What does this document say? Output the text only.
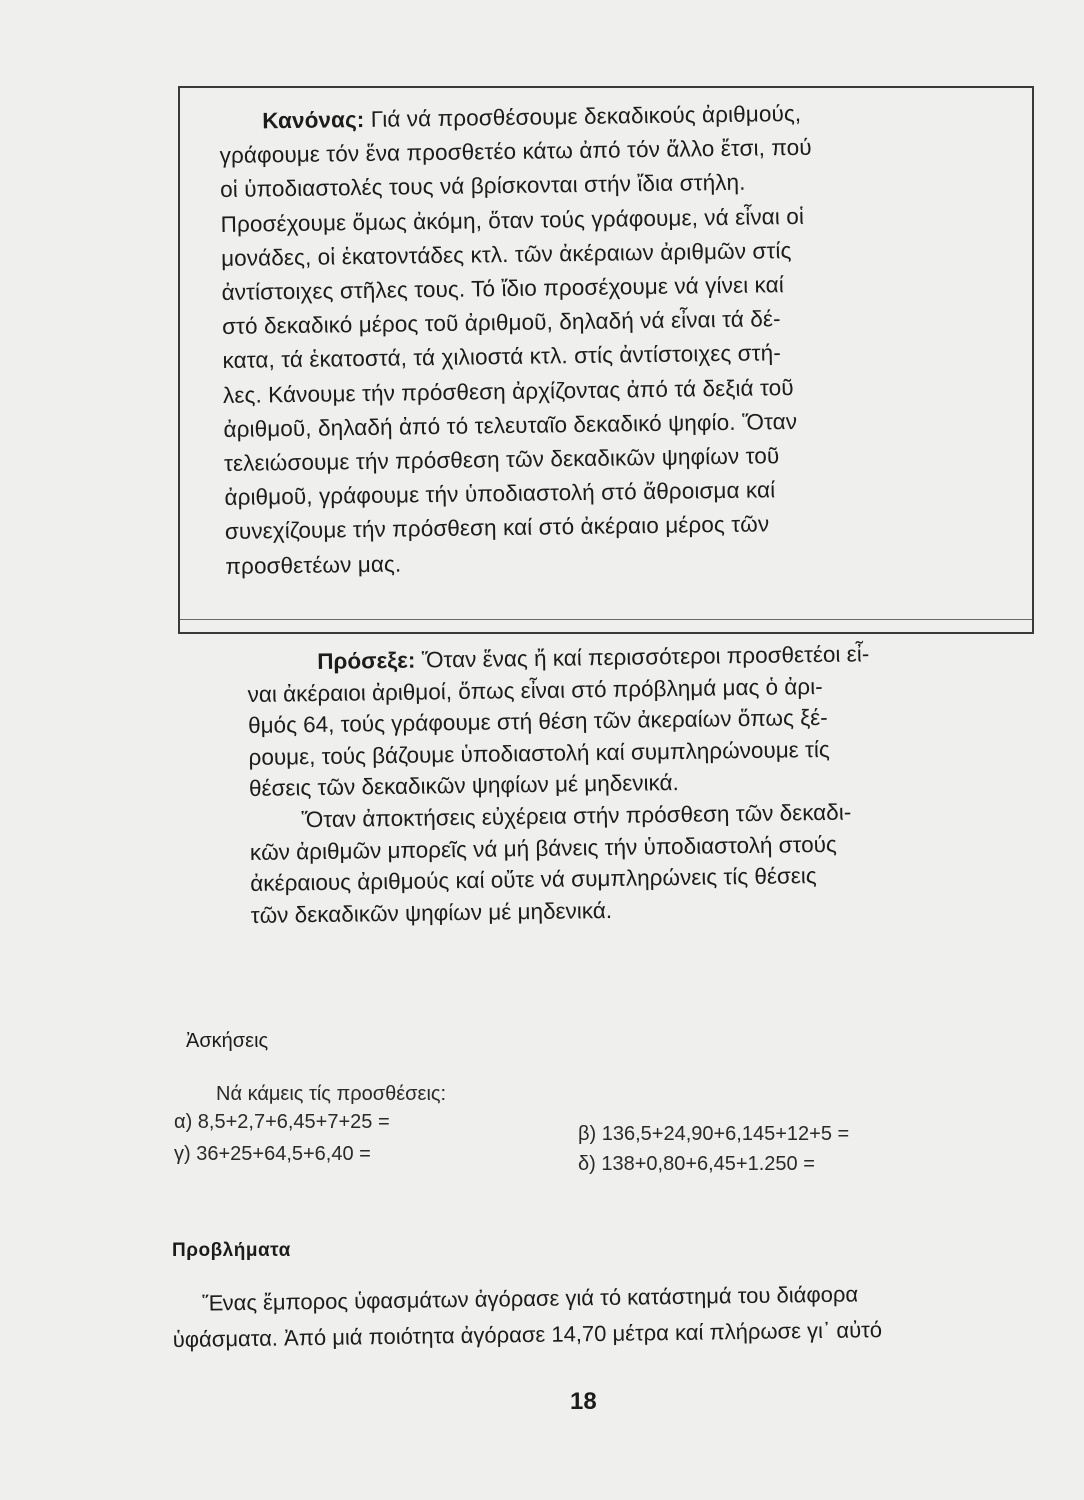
Κανόνας: Γιά νά προσθέσουμε δεκαδικούς ἀριθμούς,
γράφουμε τόν ἕνα προσθετέο κάτω ἀπό τόν ἄλλο ἔτσι, πού
οἱ ὑποδιαστολές τους νά βρίσκονται στήν ἴδια στήλη.
Προσέχουμε ὅμως ἀκόμη, ὅταν τούς γράφουμε, νά εἶναι οἱ
μονάδες, οἱ ἑκατοντάδες κτλ. τῶν ἀκέραιων ἀριθμῶν στίς
ἀντίστοιχες στῆλες τους. Τό ἴδιο προσέχουμε νά γίνει καί
στό δεκαδικό μέρος τοῦ ἀριθμοῦ, δηλαδή νά εἶναι τά δέ-
κατα, τά ἑκατοστά, τά χιλιοστά κτλ. στίς ἀντίστοιχες στή-
λες. Κάνουμε τήν πρόσθεση ἀρχίζοντας ἀπό τά δεξιά τοῦ
ἀριθμοῦ, δηλαδή ἀπό τό τελευταῖο δεκαδικό ψηφίο. Ὅταν
τελειώσουμε τήν πρόσθεση τῶν δεκαδικῶν ψηφίων τοῦ
ἀριθμοῦ, γράφουμε τήν ὑποδιαστολή στό ἄθροισμα καί
συνεχίζουμε τήν πρόσθεση καί στό ἀκέραιο μέρος τῶν
προσθετέων μας.
Πρόσεξε: Ὅταν ἕνας ἤ καί περισσότεροι προσθετέοι εἶ-
ναι ἀκέραιοι ἀριθμοί, ὅπως εἶναι στό πρόβλημά μας ὁ ἀρι-
θμός 64, τούς γράφουμε στή θέση τῶν ἀκεραίων ὅπως ξέ-
ρουμε, τούς βάζουμε ὑποδιαστολή καί συμπληρώνουμε τίς
θέσεις τῶν δεκαδικῶν ψηφίων μέ μηδενικά.
Ὅταν ἀποκτήσεις εὐχέρεια στήν πρόσθεση τῶν δεκαδι-
κῶν ἀριθμῶν μπορεῖς νά μή βάνεις τήν ὑποδιαστολή στούς
ἀκέραιους ἀριθμούς καί οὔτε νά συμπληρώνεις τίς θέσεις
τῶν δεκαδικῶν ψηφίων μέ μηδενικά.
Ἀσκήσεις
Νά κάμεις τίς προσθέσεις:
α) 8,5+2,7+6,45+7+25 =
β) 136,5+24,90+6,145+12+5 =
γ) 36+25+64,5+6,40 =	δ) 138+0,80+6,45+1.250 =
Προβλήματα
Ἕνας ἔμπορος ὑφασμάτων ἀγόρασε γιά τό κατάστημά του διάφορα
ὑφάσματα. Ἀπό μιά ποιότητα ἀγόρασε 14,70 μέτρα καί πλήρωσε γι᾿ αὐτό
18
